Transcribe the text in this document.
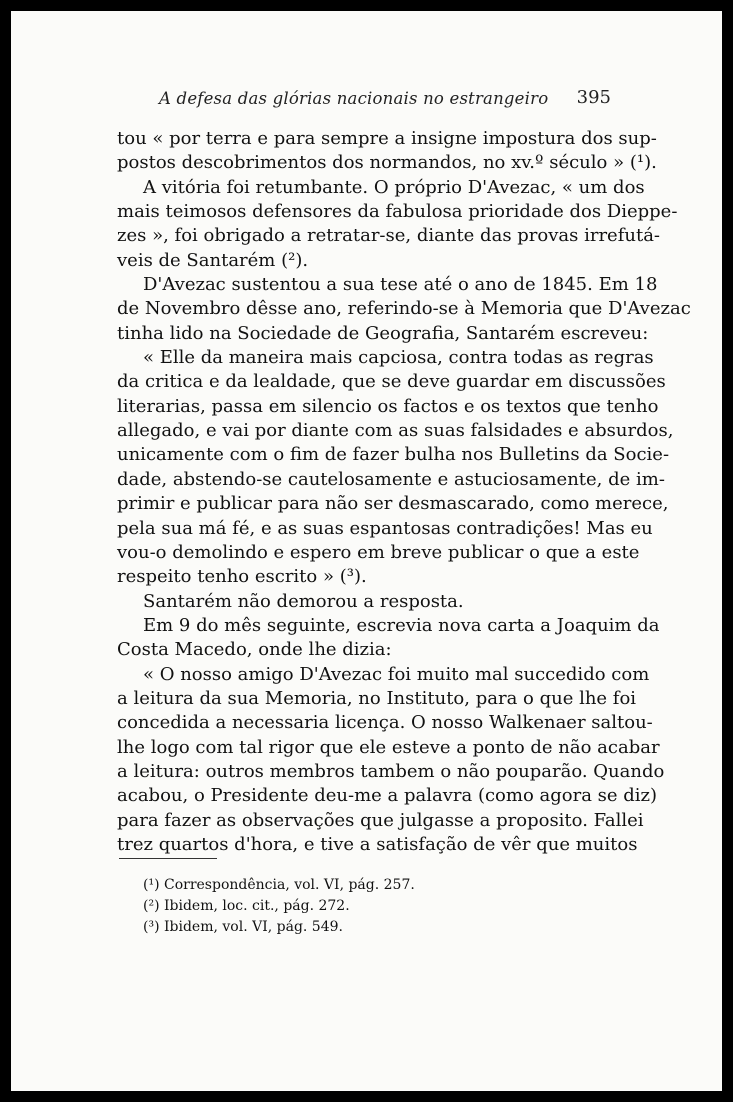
A defesa das glórias nacionais no estrangeiro 395
tou « por terra e para sempre a insigne impostura dos sup-
postos descobrimentos dos normandos, no xv.º século » (¹).
A vitória foi retumbante. O próprio D'Avezac, « um dos
mais teimosos defensores da fabulosa prioridade dos Dieppe-
zes », foi obrigado a retratar-se, diante das provas irrefutá-
veis de Santarém (²).
D'Avezac sustentou a sua tese até o ano de 1845. Em 18
de Novembro dêsse ano, referindo-se à Memoria que D'Avezac
tinha lido na Sociedade de Geografia, Santarém escreveu:
« Elle da maneira mais capciosa, contra todas as regras
da critica e da lealdade, que se deve guardar em discussões
literarias, passa em silencio os factos e os textos que tenho
allegado, e vai por diante com as suas falsidades e absurdos,
unicamente com o fim de fazer bulha nos Bulletins da Socie-
dade, abstendo-se cautelosamente e astuciosamente, de im-
primir e publicar para não ser desmascarado, como merece,
pela sua má fé, e as suas espantosas contradições! Mas eu
vou-o demolindo e espero em breve publicar o que a este
respeito tenho escrito » (³).
Santarém não demorou a resposta.
Em 9 do mês seguinte, escrevia nova carta a Joaquim da
Costa Macedo, onde lhe dizia:
« O nosso amigo D'Avezac foi muito mal succedido com
a leitura da sua Memoria, no Instituto, para o que lhe foi
concedida a necessaria licença. O nosso Walkenaer saltou-
lhe logo com tal rigor que ele esteve a ponto de não acabar
a leitura: outros membros tambem o não pouparão. Quando
acabou, o Presidente deu-me a palavra (como agora se diz)
para fazer as observações que julgasse a proposito. Fallei
trez quartos d'hora, e tive a satisfação de vêr que muitos
(¹) Correspondência, vol. VI, pág. 257.
(²) Ibidem, loc. cit., pág. 272.
(³) Ibidem, vol. VI, pág. 549.
